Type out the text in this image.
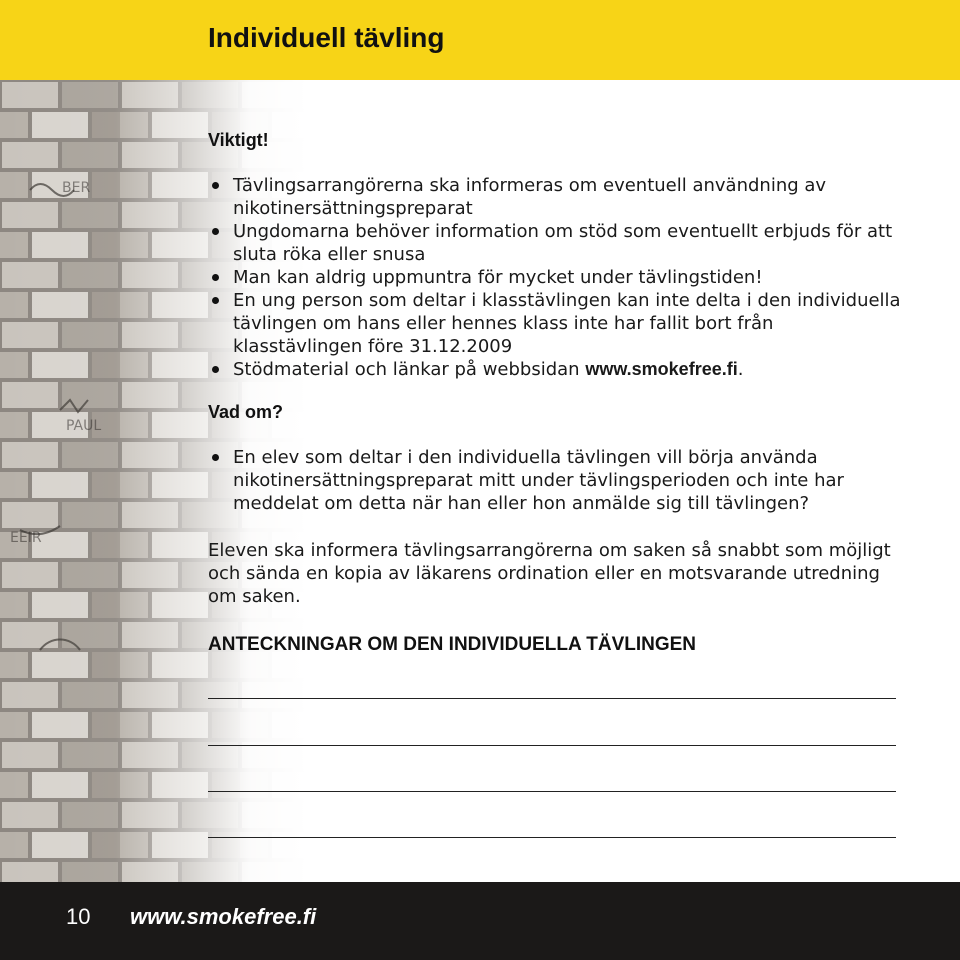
Individuell tävling
Viktigt!
Tävlingsarrangörerna ska informeras om eventuell användning av nikotinersättningspreparat
Ungdomarna behöver information om stöd som eventuellt erbjuds för att sluta röka eller snusa
Man kan aldrig uppmuntra för mycket under tävlingstiden!
En ung person som deltar i klasstävlingen kan inte delta i den individuella tävlingen om hans eller hennes klass inte har fallit bort från klasstävlingen före 31.12.2009
Stödmaterial och länkar på webbsidan www.smokefree.fi.
Vad om?
En elev som deltar i den individuella tävlingen vill börja använda nikotinersättningspreparat mitt under tävlingsperioden och inte har meddelat om detta när han eller hon anmälde sig till tävlingen?

Eleven ska informera tävlingsarrangörerna om saken så snabbt som möjligt och sända en kopia av läkarens ordination eller en motsvarande utredning om saken.

ANTECKNINGAR OM DEN INDIVIDUELLA TÄVLINGEN
10 www.smokefree.fi
